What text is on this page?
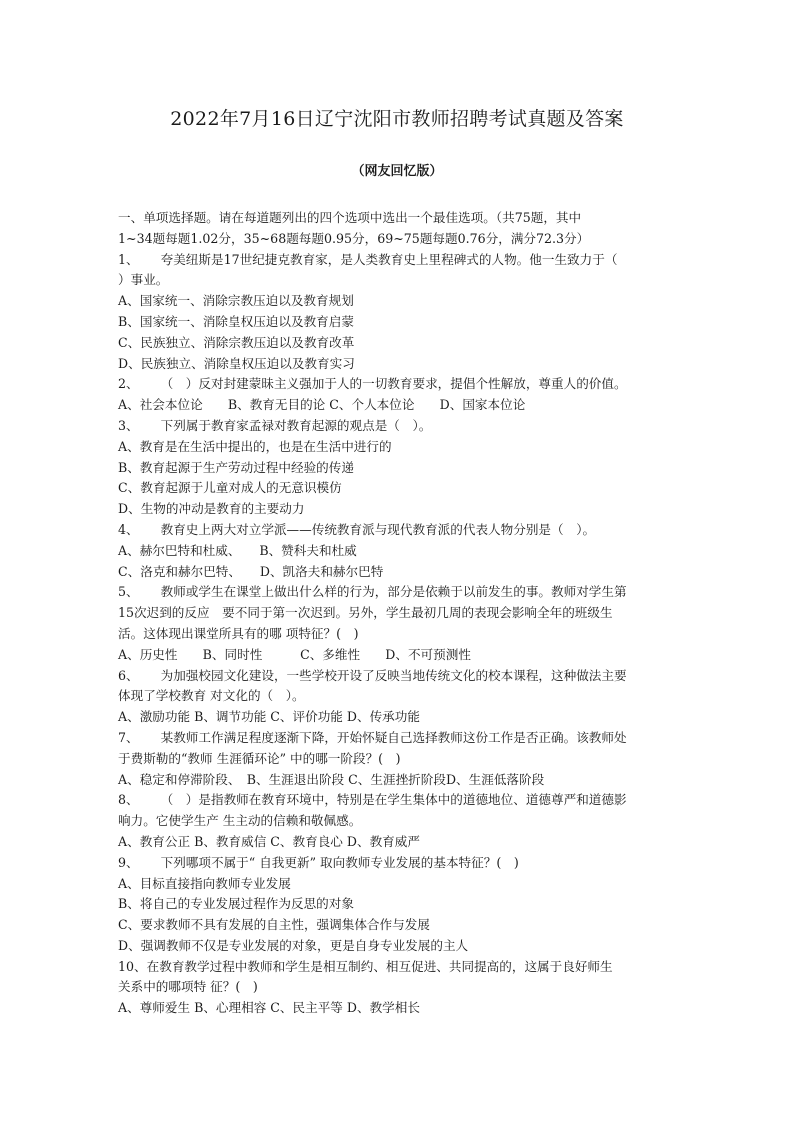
2022年7月16日辽宁沈阳市教师招聘考试真题及答案
（网友回忆版）

一、单项选择题。请在每道题列出的四个选项中选出一个最佳选项。（共75题，其中

1~34题每题1.02分，35~68题每题0.95分，69~75题每题0.76分，满分72.3分）

1、 夸美纽斯是17世纪捷克教育家，是人类教育史上里程碑式的人物。他一生致力于（

）事业。

A、国家统一、消除宗教压迫以及教育规划

B、国家统一、消除皇权压迫以及教育启蒙

C、民族独立、消除宗教压迫以及教育改革

D、民族独立、消除皇权压迫以及教育实习

2、 （　）反对封建蒙昧主义强加于人的一切教育要求，提倡个性解放，尊重人的价值。

A、社会本位论　　B、教育无目的论 C、个人本位论　　D、国家本位论

3、 下列属于教育家孟禄对教育起源的观点是（　）。

A、教育是在生活中提出的，也是在生活中进行的

B、教育起源于生产劳动过程中经验的传递

C、教育起源于儿童对成人的无意识模仿

D、生物的冲动是教育的主要动力

4、 教育史上两大对立学派——传统教育派与现代教育派的代表人物分别是（　）。

A、赫尔巴特和杜威、　　B、赞科夫和杜威

C、洛克和赫尔巴特、　　D、凯洛夫和赫尔巴特

5、 教师或学生在课堂上做出什么样的行为，部分是依赖于以前发生的事。教师对学生第

15次迟到的反应　要不同于第一次迟到。另外，学生最初几周的表现会影响全年的班级生

活。这体现出课堂所具有的哪 项特征？(　)

A、历史性　　B、同时性　　　C、多维性　　D、不可预测性

6、 为加强校园文化建设，一些学校开设了反映当地传统文化的校本课程，这种做法主要

体现了学校教育 对文化的（　）。

A、激励功能 B、调节功能 C、评价功能 D、传承功能

7、 某教师工作满足程度逐渐下降，开始怀疑自己选择教师这份工作是否正确。该教师处

于费斯勒的“教师 生涯循环论” 中的哪一阶段？(　)

A、稳定和停滞阶段、　B、生涯退出阶段 C、生涯挫折阶段D、生涯低落阶段

8、 （　）是指教师在教育环境中，特别是在学生集体中的道德地位、道德尊严和道德影

响力。它使学生产 生主动的信赖和敬佩感。

A、教育公正 B、教育威信 C、教育良心 D、教育威严

9、 下列哪项不属于“ 自我更新” 取向教师专业发展的基本特征？(　)

A、目标直接指向教师专业发展

B、将自己的专业发展过程作为反思的对象

C、要求教师不具有发展的自主性，强调集体合作与发展

D、强调教师不仅是专业发展的对象，更是自身专业发展的主人

10、在教育教学过程中教师和学生是相互制约、相互促进、共同提高的，这属于良好师生

关系中的哪项特 征？(　)

A、尊师爱生 B、心理相容 C、民主平等 D、教学相长
